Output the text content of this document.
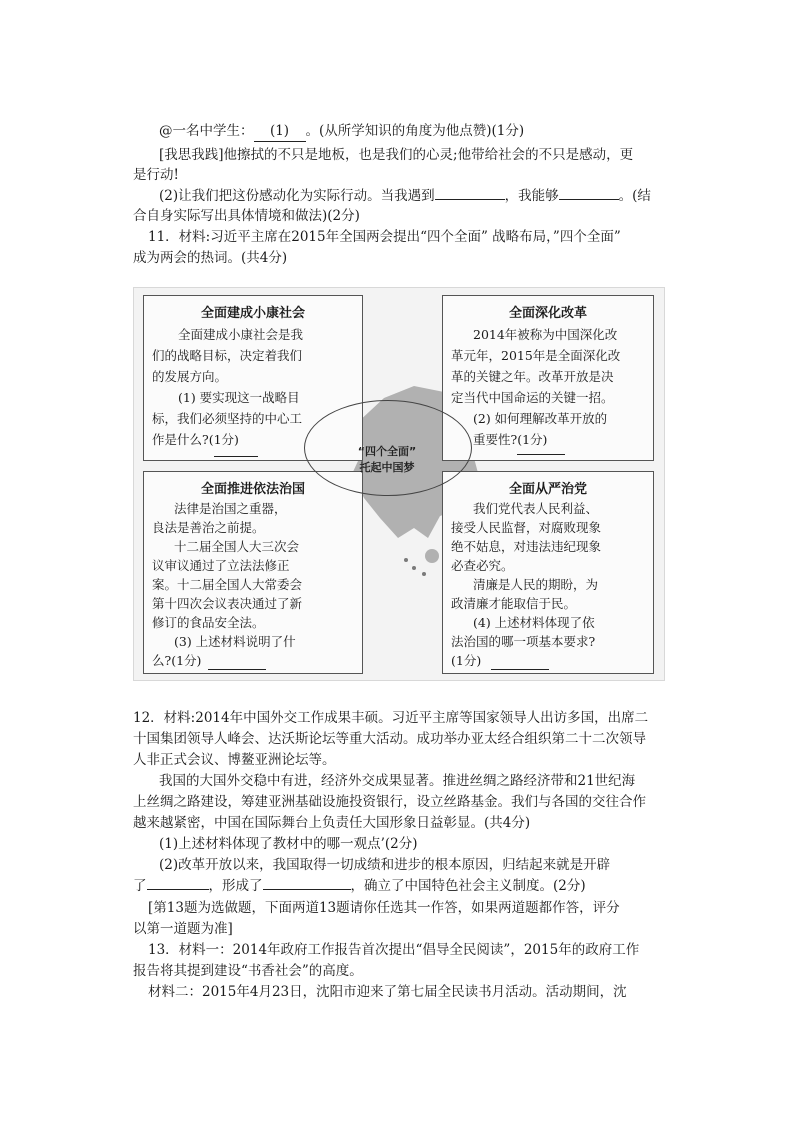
@一名中学生： (1) 。(从所学知识的角度为他点赞)(1分)
[我思我践]他擦拭的不只是地板，也是我们的心灵;他带给社会的不只是感动，更
是行动!
(2)让我们把这份感动化为实际行动。当我遇到	，我能够	。(结
合自身实际写出具体情境和做法)(2分)
11．材料:习近平主席在2015年全国两会提出“四个全面” 战略布局，”四个全面”
成为两会的热词。(共4分)
全面建成小康社会
全面建成小康社会是我
们的战略目标，决定着我们
的发展方向。
(1) 要实现这一战略目
标，我们必须坚持的中心工
作是什么?(1分)
全面深化改革
2014年被称为中国深化改
革元年，2015年是全面深化改
革的关键之年。改革开放是决
定当代中国命运的关键一招。
(2) 如何理解改革开放的
重要性?(1分)
全面推进依法治国
法律是治国之重器，
良法是善治之前提。
十二届全国人大三次会
议审议通过了立法法修正
案。十二届全国人大常委会
第十四次会议表决通过了新
修订的食品安全法。
(3) 上述材料说明了什
么?(1分)
全面从严治党
我们党代表人民利益、
接受人民监督，对腐败现象
绝不姑息，对违法违纪现象
必查必究。
清廉是人民的期盼，为
政清廉才能取信于民。
(4) 上述材料体现了依
法治国的哪一项基本要求?
(1分)
“四个全面”
托起中国梦
12．材料:2014年中国外交工作成果丰硕。习近平主席等国家领导人出访多国，出席二
十国集团领导人峰会、达沃斯论坛等重大活动。成功举办亚太经合组织第二十二次领导
人非正式会议、博鳌亚洲论坛等。
我国的大国外交稳中有进，经济外交成果显著。推进丝绸之路经济带和21世纪海
上丝绸之路建设，筹建亚洲基础设施投资银行，设立丝路基金。我们与各国的交往合作
越来越紧密，中国在国际舞台上负责任大国形象日益彰显。(共4分)
(1)上述材料体现了教材中的哪一观点’(2分)
(2)改革开放以来，我国取得一切成绩和进步的根本原因，归结起来就是开辟
了	，形成了	，确立了中国特色社会主义制度。(2分)
[第13题为选做题，下面两道13题请你任选其一作答，如果两道题都作答，评分
以第一道题为准]
13．材料一：2014年政府工作报告首次提出“倡导全民阅读”，2015年的政府工作
报告将其提到建设“书香社会”的高度。
材料二：2015年4月23日，沈阳市迎来了第七届全民读书月活动。活动期间，沈
